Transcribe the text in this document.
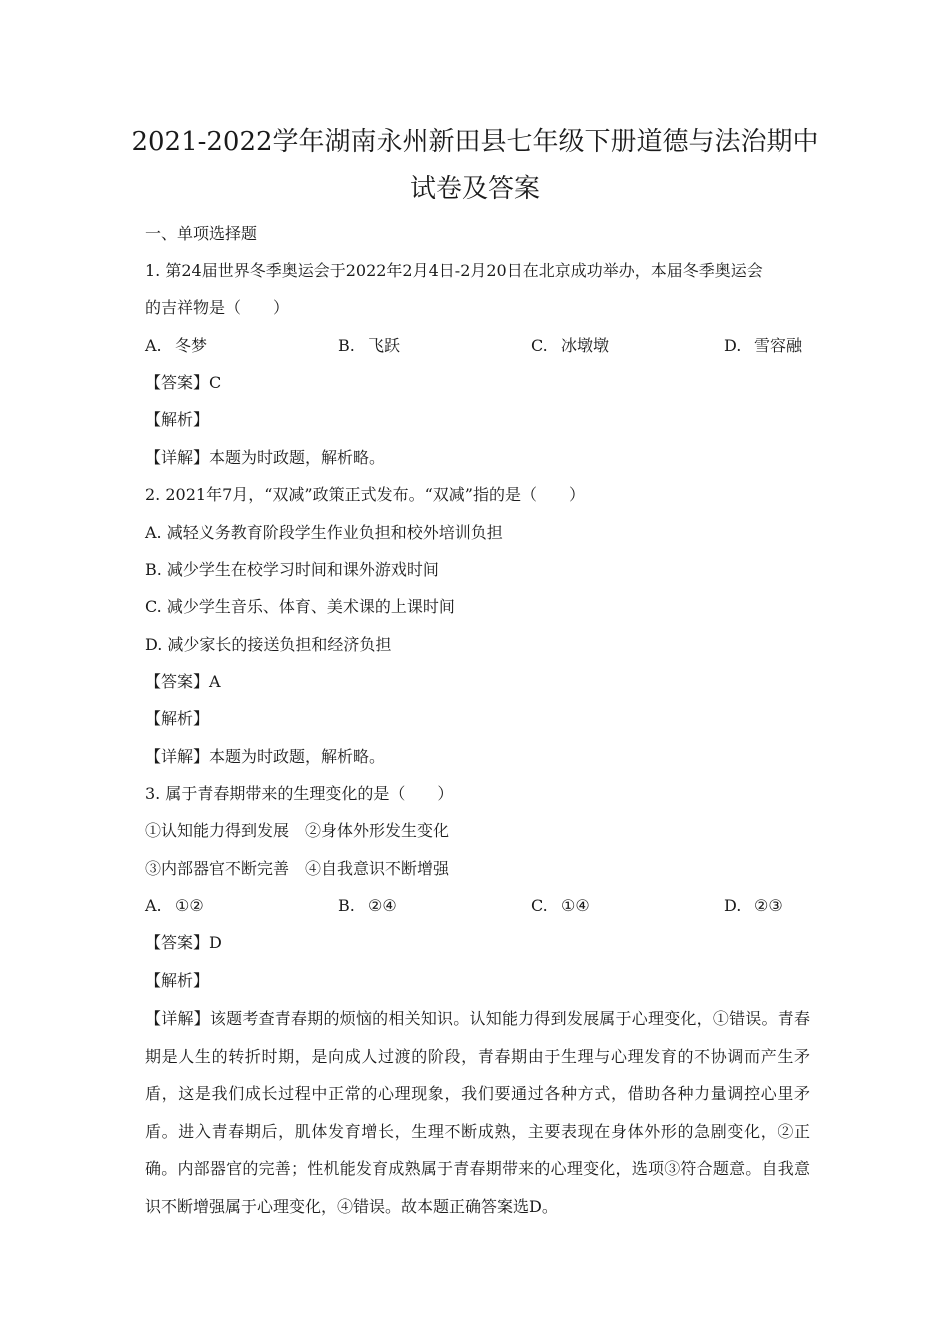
2021-2022学年湖南永州新田县七年级下册道德与法治期中
试卷及答案
一、单项选择题
1. 第24届世界冬季奥运会于2022年2月4日-2月20日在北京成功举办，本届冬季奥运会
的吉祥物是（　　）
A. 冬梦	B. 飞跃	C. 冰墩墩	D. 雪容融
【答案】C
【解析】
【详解】本题为时政题，解析略。
2. 2021年7月，“双减”政策正式发布。“双减”指的是（　　）
A. 减轻义务教育阶段学生作业负担和校外培训负担
B. 减少学生在校学习时间和课外游戏时间
C. 减少学生音乐、体育、美术课的上课时间
D. 减少家长的接送负担和经济负担
【答案】A
【解析】
【详解】本题为时政题，解析略。
3. 属于青春期带来的生理变化的是（　　）
①认知能力得到发展　②身体外形发生变化
③内部器官不断完善　④自我意识不断增强
A. ①②	B. ②④	C. ①④	D. ②③
【答案】D
【解析】
【详解】该题考查青春期的烦恼的相关知识。认知能力得到发展属于心理变化，①错误。青春期是人生的转折时期，是向成人过渡的阶段，青春期由于生理与心理发育的不协调而产生矛盾，这是我们成长过程中正常的心理现象，我们要通过各种方式，借助各种力量调控心里矛盾。进入青春期后，肌体发育增长，生理不断成熟，主要表现在身体外形的急剧变化，②正确。内部器官的完善；性机能发育成熟属于青春期带来的心理变化，选项③符合题意。自我意识不断增强属于心理变化，④错误。故本题正确答案选D。
